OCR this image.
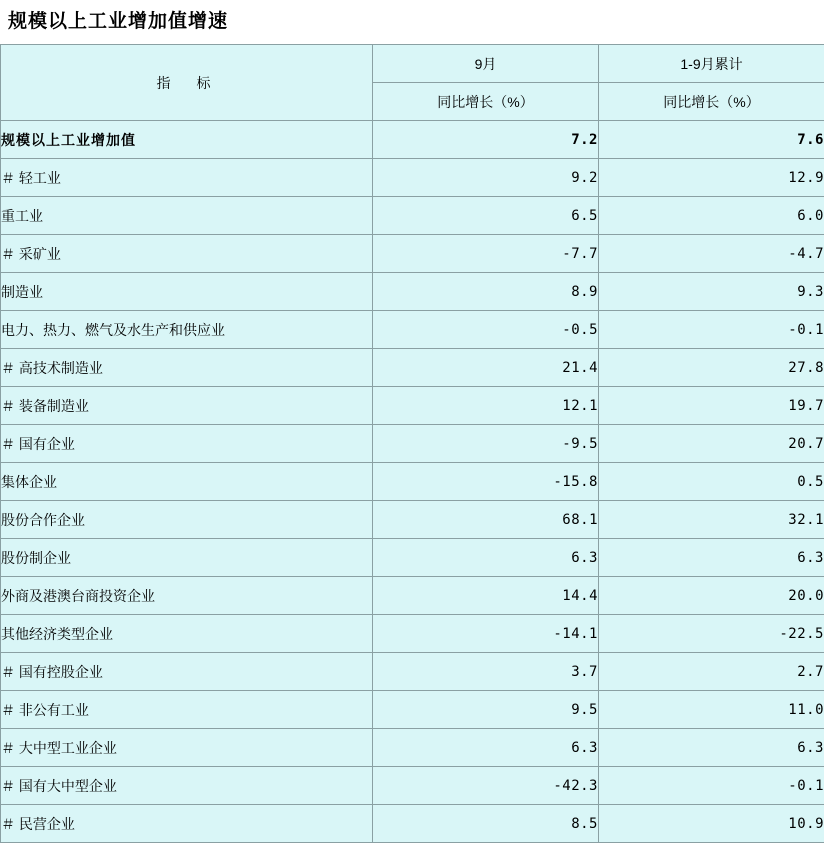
规模以上工业增加值增速
指　标	9月	1-9月累计
	同比增长（%）	同比增长（%）
规模以上工业增加值	7.2	7.6
＃ 轻工业	9.2	12.9
重工业	6.5	6.0
＃ 采矿业	-7.7	-4.7
制造业	8.9	9.3
电力、热力、燃气及水生产和供应业	-0.5	-0.1
＃ 高技术制造业	21.4	27.8
＃ 装备制造业	12.1	19.7
＃ 国有企业	-9.5	20.7
集体企业	-15.8	0.5
股份合作企业	68.1	32.1
股份制企业	6.3	6.3
外商及港澳台商投资企业	14.4	20.0
其他经济类型企业	-14.1	-22.5
＃ 国有控股企业	3.7	2.7
＃ 非公有工业	9.5	11.0
＃ 大中型工业企业	6.3	6.3
＃ 国有大中型企业	-42.3	-0.1
＃ 民营企业	8.5	10.9
